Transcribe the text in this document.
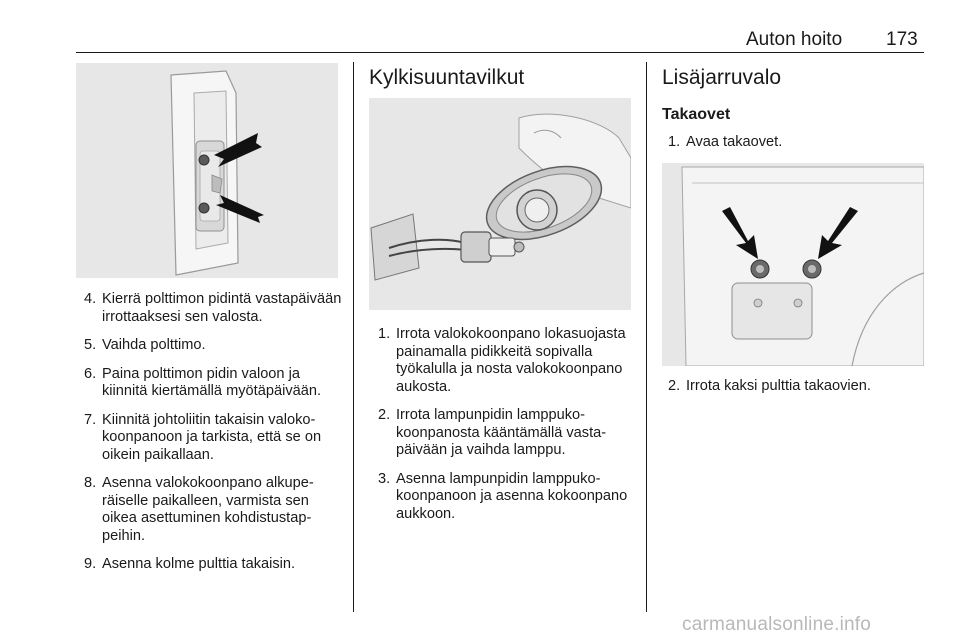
Auton hoito 173
4. Kierrä polttimon pidintä vastapäivään irrottaaksesi sen valosta.
5. Vaihda polttimo.
6. Paina polttimon pidin valoon ja kiinnitä kiertämällä myötäpäivään.
7. Kiinnitä johtoliitin takaisin valokokoonpanoon ja tarkista, että se on oikein paikallaan.
8. Asenna valokokoonpano alkuperäiselle paikalleen, varmista sen oikea asettuminen kohdistustappeihin.
9. Asenna kolme pulttia takaisin.
Kylkisuuntavilkut
1. Irrota valokokoonpano lokasuojasta painamalla pidikkeitä sopivalla työkalulla ja nosta valokokoonpano aukosta.
2. Irrota lampunpidin lamppukokoonpanosta kääntämällä vastapäivään ja vaihda lamppu.
3. Asenna lampunpidin lamppukokoonpanoon ja asenna kokoonpano aukkoon.
Lisäjarruvalo
Takaovet
1. Avaa takaovet.
2. Irrota kaksi pulttia takaovien.
carmanualsonline.info
